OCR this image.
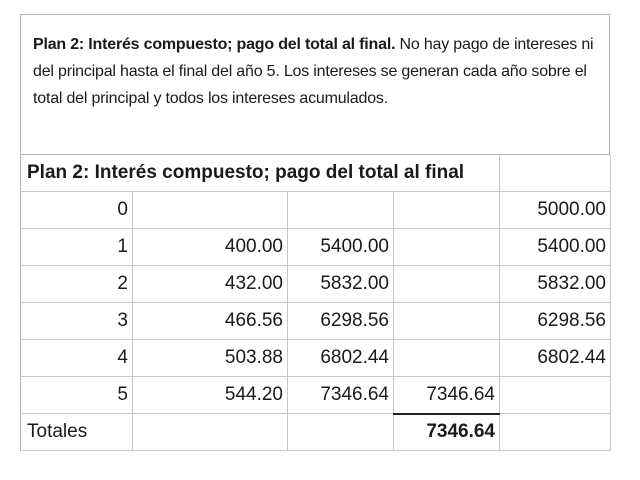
Plan 2: Interés compuesto; pago del total al final. No hay pago de intereses ni del principal hasta el final del año 5. Los intereses se generan cada año sobre el total del principal y todos los intereses acumulados.
Plan 2: Interés compuesto; pago del total al final				
0				5000.00
1	400.00	5400.00		5400.00
2	432.00	5832.00		5832.00
3	466.56	6298.56		6298.56
4	503.88	6802.44		6802.44
5	544.20	7346.64	7346.64	
Totales			7346.64	
